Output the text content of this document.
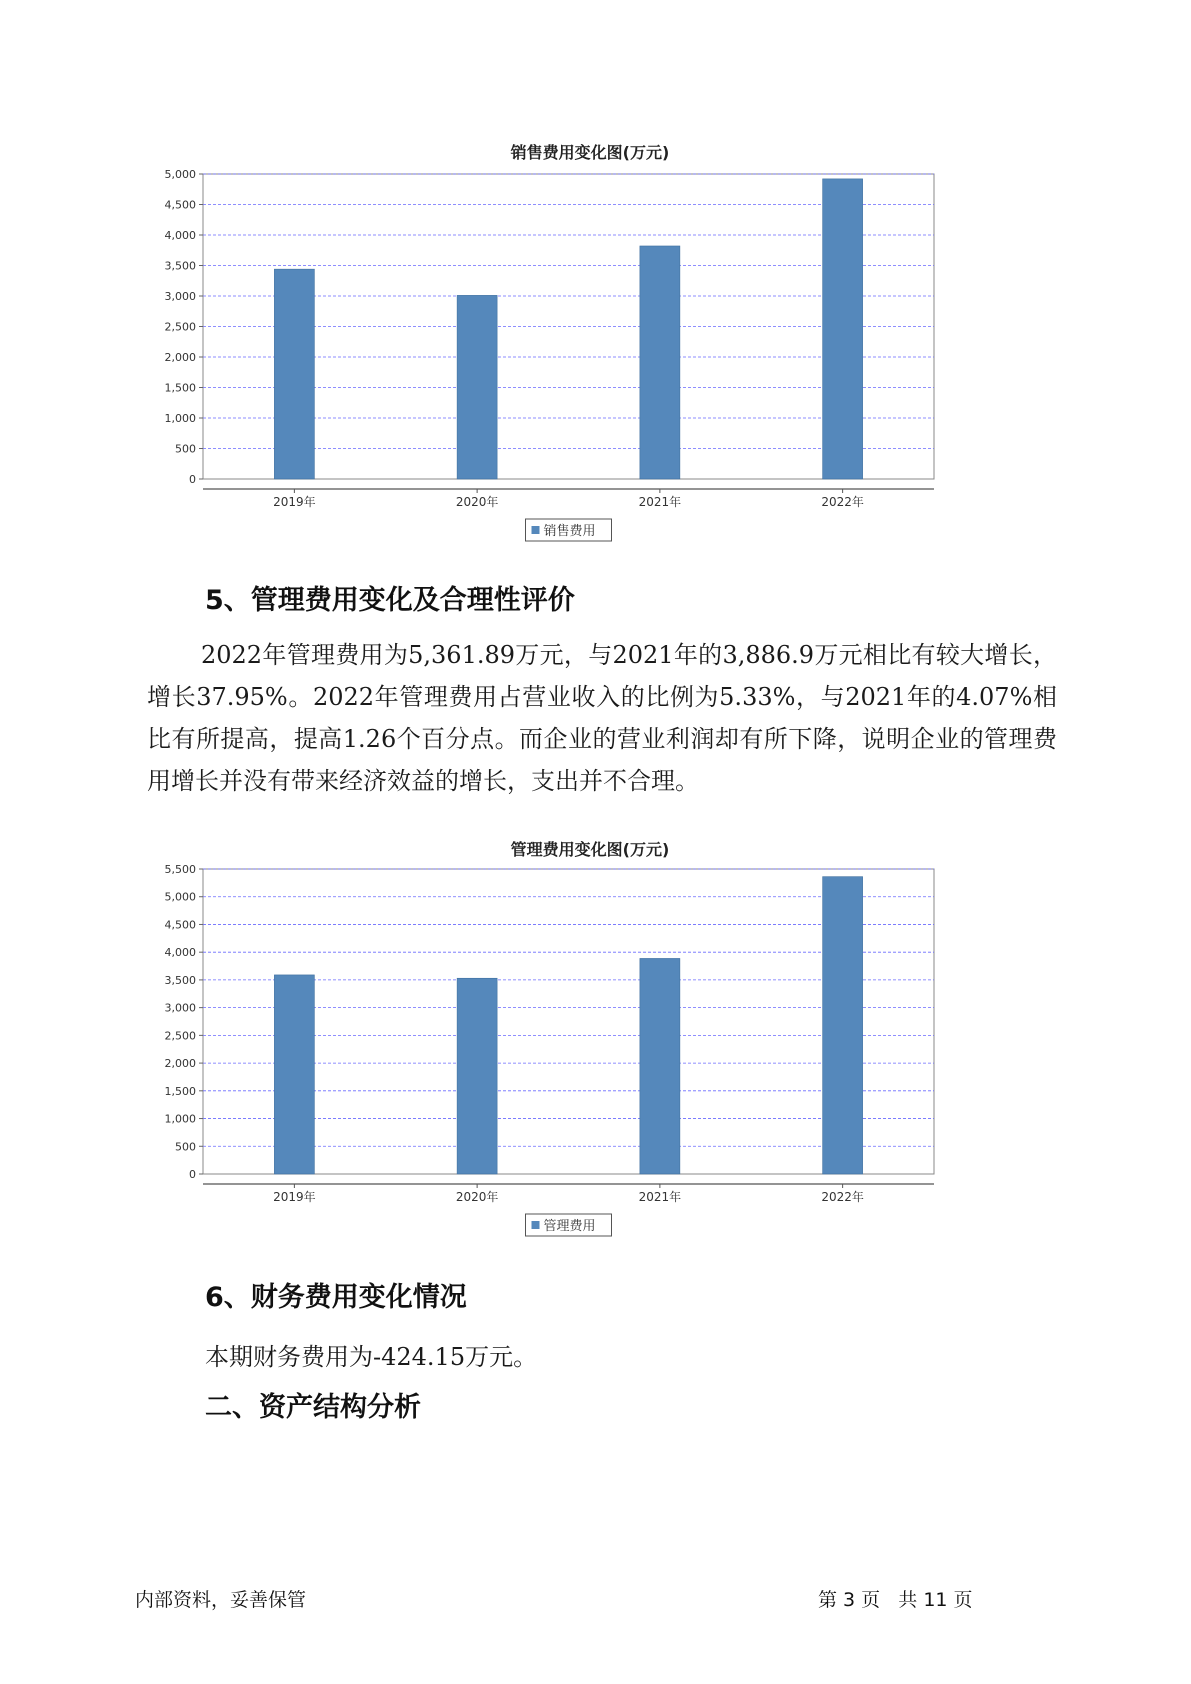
销售费用变化图(万元)
0
500
1,000
1,500
2,000
2,500
3,000
3,500
4,000
4,500
5,000
2019年	2020年	2021年	2022年
销售费用
5、管理费用变化及合理性评价
2022年管理费用为5,361.89万元，与2021年的3,886.9万元相比有较大增长，增长37.95%。2022年管理费用占营业收入的比例为5.33%，与2021年的4.07%相比有所提高，提高1.26个百分点。而企业的营业利润却有所下降，说明企业的管理费用增长并没有带来经济效益的增长，支出并不合理。
管理费用变化图(万元)
0
500
1,000
1,500
2,000
2,500
3,000
3,500
4,000
4,500
5,000
5,500
2019年	2020年	2021年	2022年
管理费用
6、财务费用变化情况
本期财务费用为-424.15万元。
二、资产结构分析
内部资料，妥善保管	第 3 页   共 11 页
